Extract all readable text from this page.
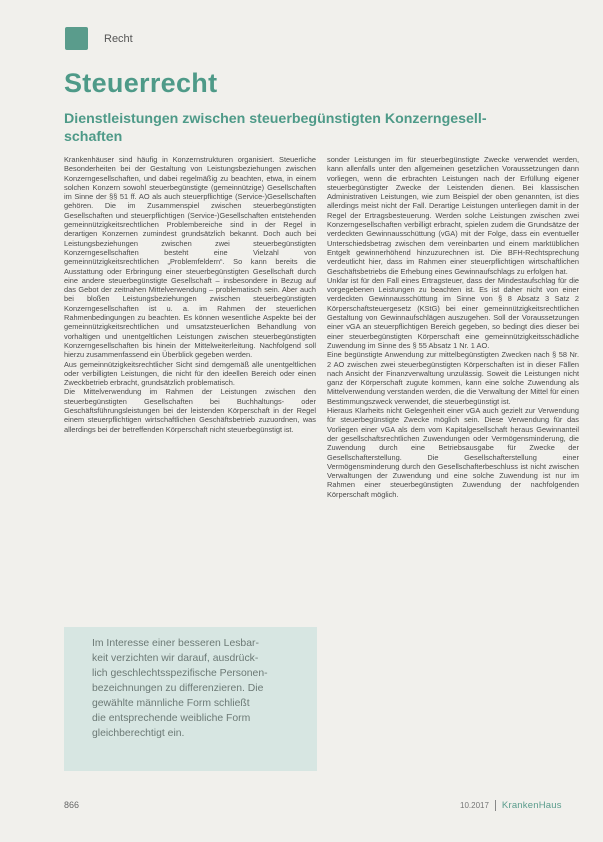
Recht
Steuerrecht
Dienstleistungen zwischen steuerbegünstigten Konzerngesell-schaften

Krankenhäuser sind häufig in Konzernstrukturen organisiert. Steuerliche Besonderheiten bei der Gestaltung von Leistungsbeziehungen zwischen Konzerngesellschaften, und dabei regelmäßig zu beachten, etwa, in einem solchen Konzern sowohl steuerbegünstigte (gemeinnützige) Gesellschaften im Sinne der §§ 51 ff. AO als auch steuerpflichtige (Service-)Gesellschaften gehören. Die im Zusammenspiel zwischen steuerbegünstigten Gesellschaften und steuerpflichtigen (Service-)Gesellschaften entstehenden gemeinnützigkeitsrechtlichen Problembereiche sind in der Regel in derartigen Konzernen zumindest grundsätzlich bekannt. Doch auch bei Leistungsbeziehungen zwischen zwei steuerbegünstigten Konzerngesellschaften besteht eine Vielzahl von gemeinnützigkeitsrechtlichen „Problemfeldern“. So kann bereits die Ausstattung oder Erbringung einer steuerbegünstigten Gesellschaft durch eine andere steuerbegünstigte Gesellschaft – insbesondere in Bezug auf das Gebot der zeitnahen Mittelverwendung – problematisch sein. Aber auch bei bloßen Leistungsbeziehungen zwischen steuerbegünstigten Konzerngesellschaften ist u. a. im Rahmen der steuerlichen Rahmenbedingungen zu beachten. Es können wesentliche Aspekte bei der gemeinnützigkeitsrechtlichen und umsatzsteuerlichen Behandlung von vorhaltigen und unentgeltlichen Leistungen zwischen steuerbegünstigten Konzerngesellschaften bis hinein der Mittelweiterleitung. Nachfolgend soll hierzu zusammenfassend ein Überblick gegeben werden.

Aus gemeinnützigkeitsrechtlicher Sicht sind demgemäß alle unentgeltlichen oder verbilligten Leistungen, die nicht für den ideellen Bereich oder einen Zweckbetrieb erbracht, grundsätzlich problematisch.

Die Mittelverwendung im Rahmen der Leistungen zwischen den steuerbegünstigten Gesellschaften bei Buchhaltungs- oder Geschäftsführungsleistungen bei der leistenden Körperschaft in der Regel einem steuerpflichtigen wirtschaftlichen Geschäftsbetrieb zuzuordnen, was allerdings bei der betreffenden Körperschaft nicht steuerbegünstigt ist.

sonder Leistungen im für steuerbegünstigte Zwecke verwendet werden, kann allenfalls unter den allgemeinen gesetzlichen Voraussetzungen dann vorliegen, wenn die erbrachten Leistungen nach der Erfüllung eigener steuerbegünstigter Zwecke der Leistenden dienen. Bei klassischen Administrativen Leistungen, wie zum Beispiel der oben genannten, ist dies allerdings meist nicht der Fall. Derartige Leistungen unterliegen damit in der Regel der Ertragsbesteuerung. Werden solche Leistungen zwischen zwei Konzerngesellschaften verbilligt erbracht, spielen zudem die Grundsätze der verdeckten Gewinnausschüttung (vGA) mit der Folge, dass ein eventueller Unterschiedsbetrag zwischen dem vereinbarten und einem marktüblichen Entgelt gewinnerhöhend hinzuzurechnen ist. Die BFH-Rechtsprechung verdeutlicht hier, dass im Rahmen einer steuerpflichtigen wirtschaftlichen Geschäftsbetriebs die Erhebung eines Gewinnaufschlags zu erfolgen hat.

Unklar ist für den Fall eines Ertragsteuer, dass der Mindestaufschlag für die vorgegebenen Leistungen zu beachten ist. Es ist daher nicht von einer verdeckten Gewinnausschüttung im Sinne von § 8 Absatz 3 Satz 2 Körperschaftsteuergesetz (KStG) bei einer gemeinnützigkeitsrechtlichen Gestaltung von Gewinnaufschlägen auszugehen. Soll der Voraussetzungen einer vGA an steuerpflichtigen Bereich gegeben, so bedingt dies dieser bei einer steuerbegünstigten Körperschaft eine gemeinnützigkeitsschädliche Zuwendung im Sinne des § 55 Absatz 1 Nr. 1 AO.

Eine begünstigte Anwendung zur mittelbegünstigten Zwecken nach § 58 Nr. 2 AO zwischen zwei steuerbegünstigten Körperschaften ist in dieser Fällen nach Ansicht der Finanzverwaltung unzulässig. Soweit die Leistungen nicht ganz der Körperschaft zugute kommen, kann eine solche Zuwendung als Mittelverwendung verstanden werden, die die Verwaltung der Mittel für einen Bestimmungszweck verwendet, die steuerbegünstigt ist.

Hieraus Klarheits nicht Gelegenheit einer vGA auch gezielt zur Verwendung für steuerbegünstigte Zwecke möglich sein. Diese Verwendung für das Vorliegen einer vGA als dem vom Kapitalgesellschaft heraus Gewinnanteil der gesellschaftsrechtlichen Zuwendungen oder Vermögensminderung, die Zuwendung durch eine Betriebsausgabe für Zwecke der Gesellschafterstellung. Die Gesellschafterstellung einer Vermögensminderung durch den Gesellschafterbeschluss ist nicht zwischen Verwaltungen der Zuwendung und eine solche Zuwendung ist nur im Rahmen einer steuerbegünstigten Zuwendung der nachfolgenden Körperschaft möglich.

Im Interesse einer besseren Lesbar-
keit verzichten wir darauf, ausdrück-
lich geschlechtsspezifische Personen-
bezeichnungen zu differenzieren. Die
gewählte männliche Form schließt
die entsprechende weibliche Form
gleichberechtigt ein.
866	10.2017 KrankenHaus
